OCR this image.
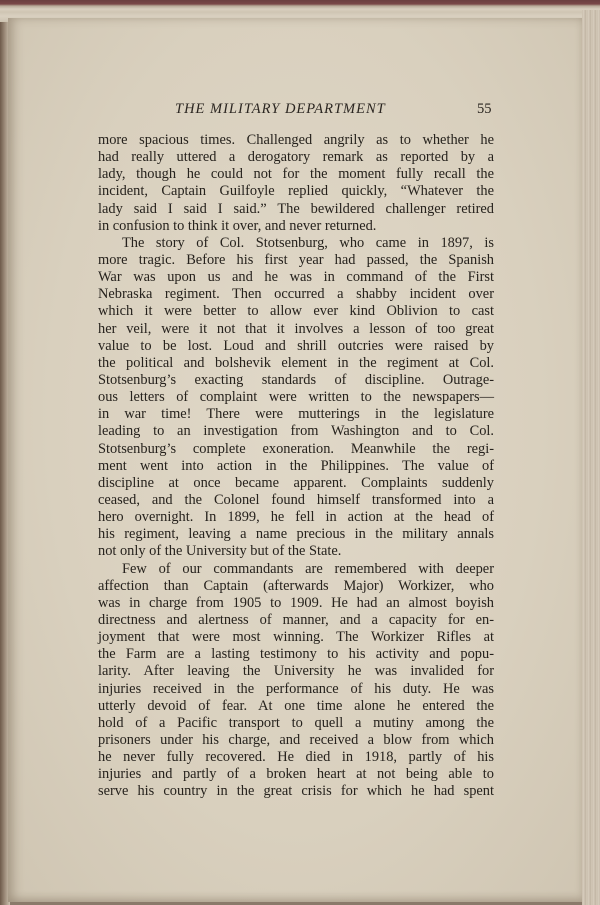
THE MILITARY DEPARTMENT	55
more spacious times. Challenged angrily as to whether he
had really uttered a derogatory remark as reported by a
lady, though he could not for the moment fully recall the
incident, Captain Guilfoyle replied quickly, “Whatever the
lady said I said I said.” The bewildered challenger retired
in confusion to think it over, and never returned.
The story of Col. Stotsenburg, who came in 1897, is
more tragic. Before his first year had passed, the Spanish
War was upon us and he was in command of the First
Nebraska regiment. Then occurred a shabby incident over
which it were better to allow ever kind Oblivion to cast
her veil, were it not that it involves a lesson of too great
value to be lost. Loud and shrill outcries were raised by
the political and bolshevik element in the regiment at Col.
Stotsenburg’s exacting standards of discipline. Outrage-
ous letters of complaint were written to the newspapers—
in war time! There were mutterings in the legislature
leading to an investigation from Washington and to Col.
Stotsenburg’s complete exoneration. Meanwhile the regi-
ment went into action in the Philippines. The value of
discipline at once became apparent. Complaints suddenly
ceased, and the Colonel found himself transformed into a
hero overnight. In 1899, he fell in action at the head of
his regiment, leaving a name precious in the military annals
not only of the University but of the State.
Few of our commandants are remembered with deeper
affection than Captain (afterwards Major) Workizer, who
was in charge from 1905 to 1909. He had an almost boyish
directness and alertness of manner, and a capacity for en-
joyment that were most winning. The Workizer Rifles at
the Farm are a lasting testimony to his activity and popu-
larity. After leaving the University he was invalided for
injuries received in the performance of his duty. He was
utterly devoid of fear. At one time alone he entered the
hold of a Pacific transport to quell a mutiny among the
prisoners under his charge, and received a blow from which
he never fully recovered. He died in 1918, partly of his
injuries and partly of a broken heart at not being able to
serve his country in the great crisis for which he had spent
